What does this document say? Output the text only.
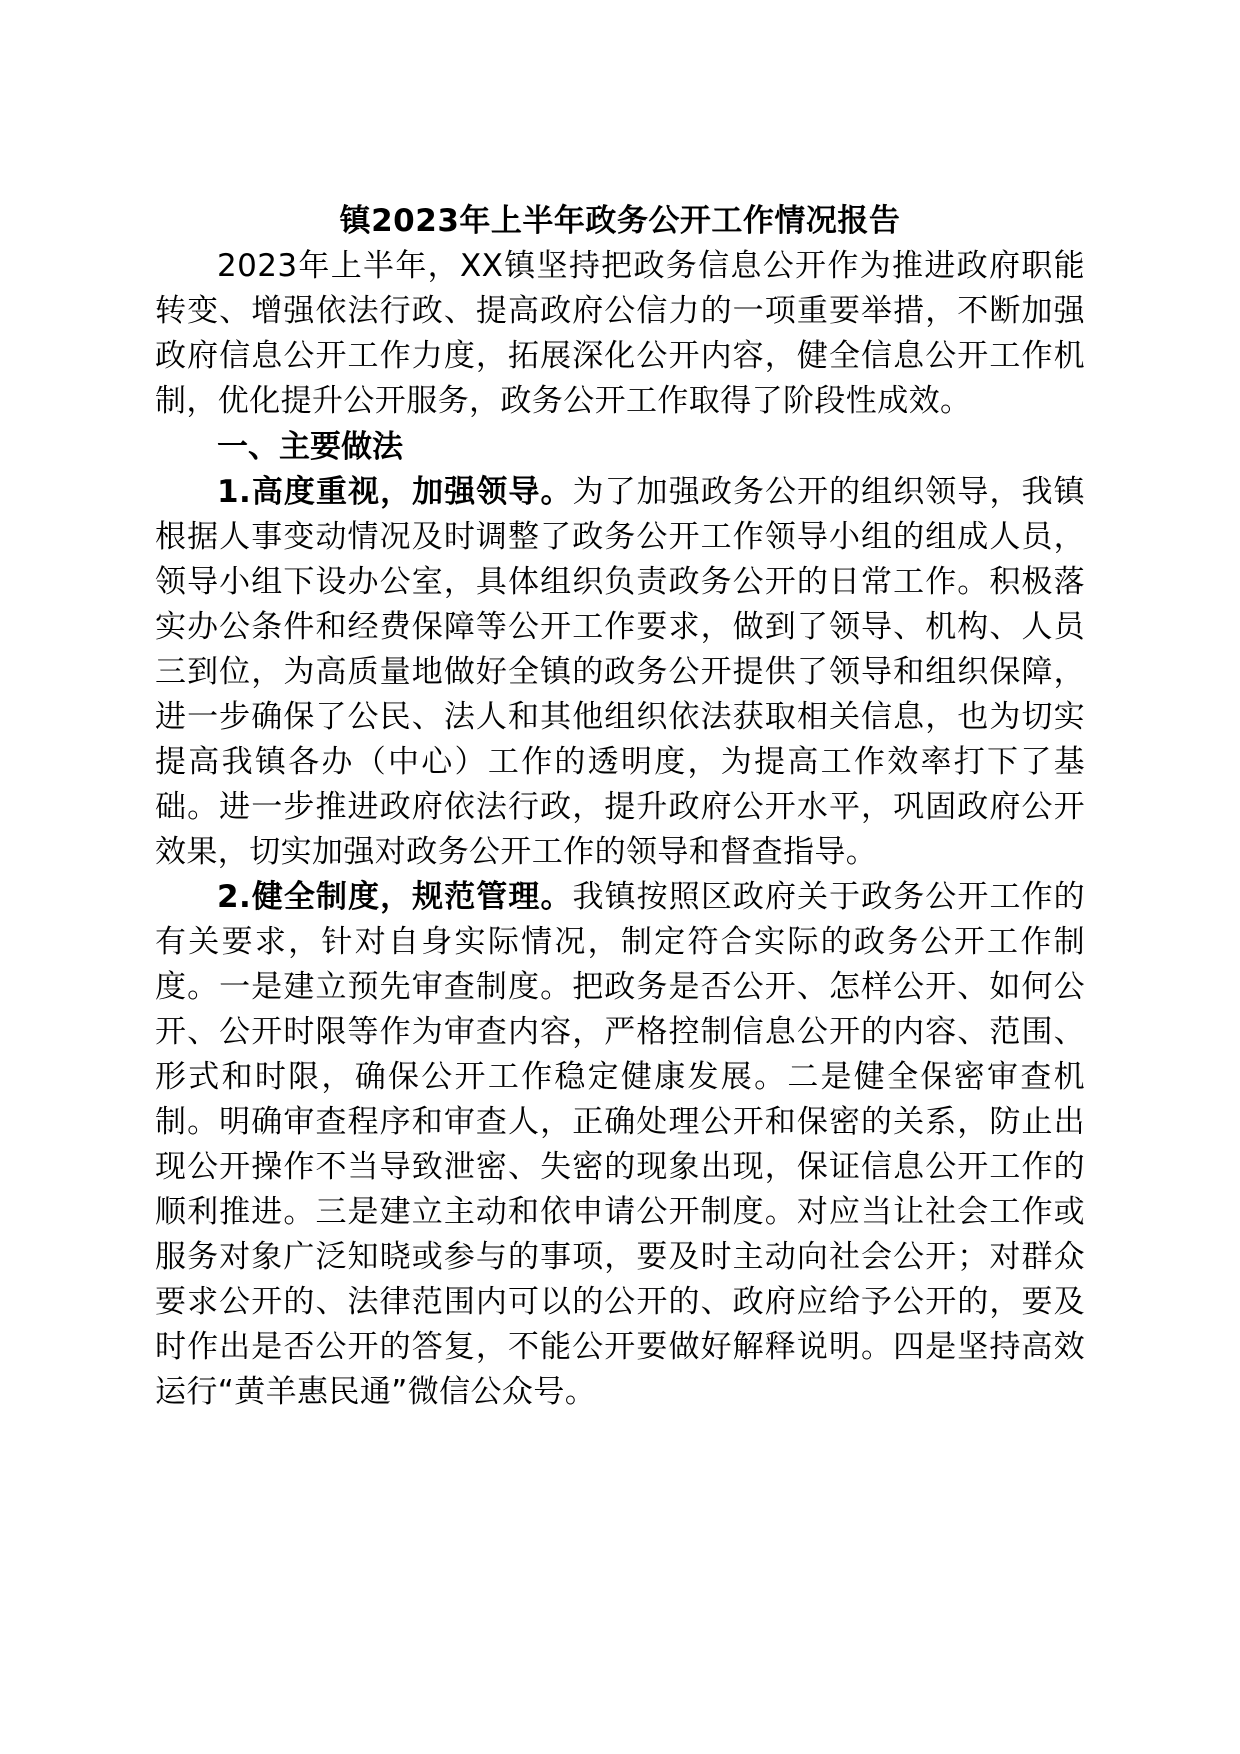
镇2023年上半年政务公开工作情况报告

2023年上半年，XX镇坚持把政务信息公开作为推进政府职能转变、增强依法行政、提高政府公信力的一项重要举措，不断加强政府信息公开工作力度，拓展深化公开内容，健全信息公开工作机制，优化提升公开服务，政务公开工作取得了阶段性成效。

一、主要做法

1.高度重视，加强领导。为了加强政务公开的组织领导，我镇根据人事变动情况及时调整了政务公开工作领导小组的组成人员，领导小组下设办公室，具体组织负责政务公开的日常工作。积极落实办公条件和经费保障等公开工作要求，做到了领导、机构、人员三到位，为高质量地做好全镇的政务公开提供了领导和组织保障，进一步确保了公民、法人和其他组织依法获取相关信息，也为切实提高我镇各办（中心）工作的透明度，为提高工作效率打下了基础。进一步推进政府依法行政，提升政府公开水平，巩固政府公开效果，切实加强对政务公开工作的领导和督查指导。

2.健全制度，规范管理。我镇按照区政府关于政务公开工作的有关要求，针对自身实际情况，制定符合实际的政务公开工作制度。一是建立预先审查制度。把政务是否公开、怎样公开、如何公开、公开时限等作为审查内容，严格控制信息公开的内容、范围、形式和时限，确保公开工作稳定健康发展。二是健全保密审查机制。明确审查程序和审查人，正确处理公开和保密的关系，防止出现公开操作不当导致泄密、失密的现象出现，保证信息公开工作的顺利推进。三是建立主动和依申请公开制度。对应当让社会工作或服务对象广泛知晓或参与的事项，要及时主动向社会公开；对群众要求公开的、法律范围内可以的公开的、政府应给予公开的，要及时作出是否公开的答复，不能公开要做好解释说明。四是坚持高效运行“黄羊惠民通”微信公众号。
